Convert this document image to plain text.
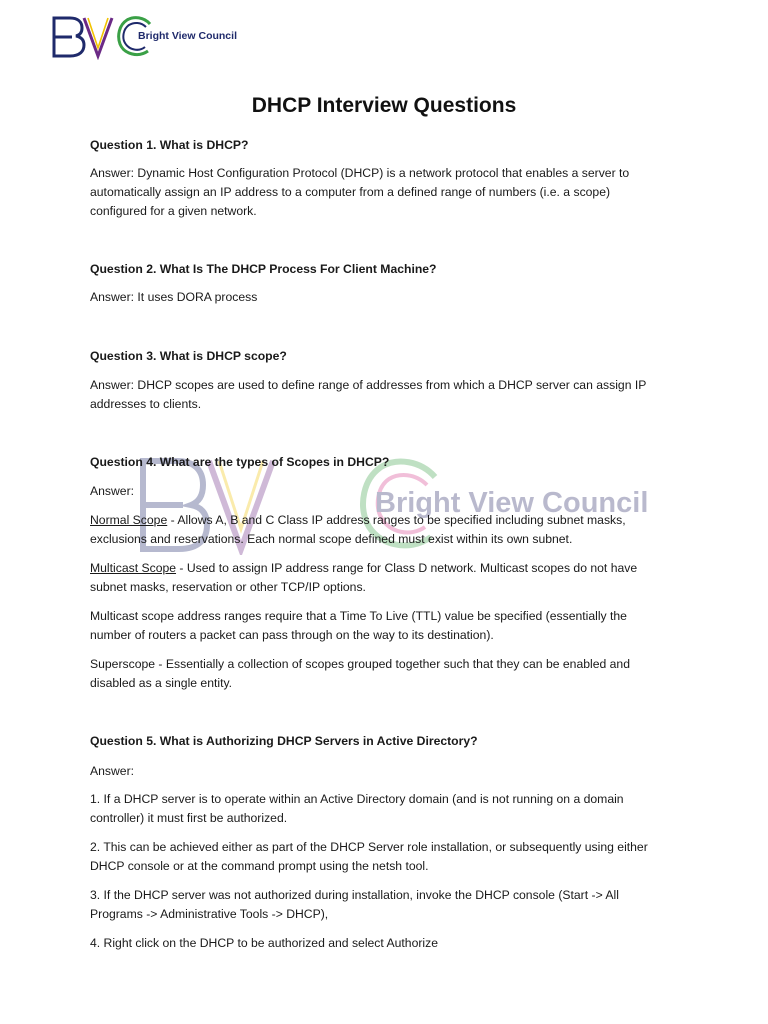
Bright View Council
Bright View Council
DHCP Interview Questions

Question 1. What is DHCP?

Answer: Dynamic Host Configuration Protocol (DHCP) is a network protocol that enables a server to

automatically assign an IP address to a computer from a defined range of numbers (i.e. a scope)

configured for a given network.

Question 2. What Is The DHCP Process For Client Machine?

Answer: It uses DORA process

Question 3. What is DHCP scope?

Answer: DHCP scopes are used to define range of addresses from which a DHCP server can assign IP

addresses to clients.

Question 4. What are the types of Scopes in DHCP?

Answer:

Normal Scope - Allows A, B and C Class IP address ranges to be specified including subnet masks,

exclusions and reservations. Each normal scope defined must exist within its own subnet.

Multicast Scope - Used to assign IP address range for Class D network. Multicast scopes do not have

subnet masks, reservation or other TCP/IP options.

Multicast scope address ranges require that a Time To Live (TTL) value be specified (essentially the

number of routers a packet can pass through on the way to its destination).

Superscope - Essentially a collection of scopes grouped together such that they can be enabled and

disabled as a single entity.

Question 5. What is Authorizing DHCP Servers in Active Directory?

Answer:

1. If a DHCP server is to operate within an Active Directory domain (and is not running on a domain

controller) it must first be authorized.

2. This can be achieved either as part of the DHCP Server role installation, or subsequently using either

DHCP console or at the command prompt using the netsh tool.

3. If the DHCP server was not authorized during installation, invoke the DHCP console (Start -> All

Programs -> Administrative Tools -> DHCP),

4. Right click on the DHCP to be authorized and select Authorize
